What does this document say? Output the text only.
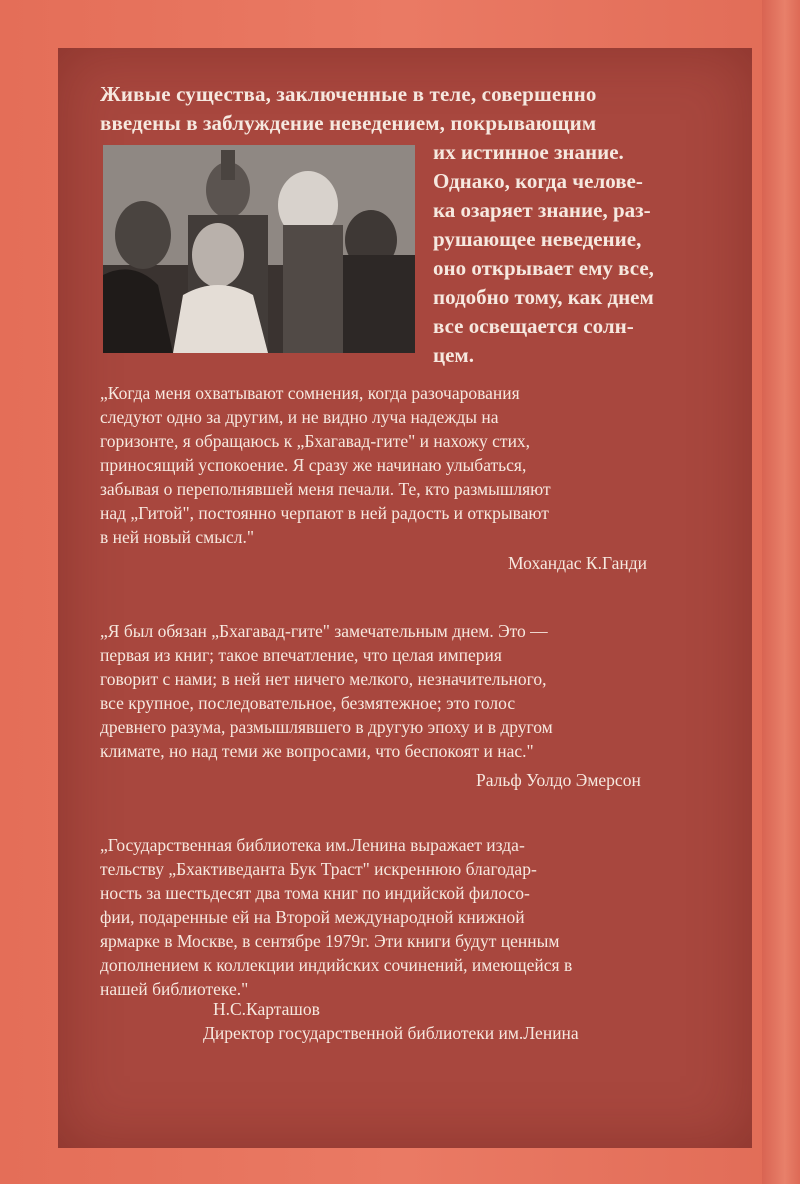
Живые существа, заключенные в теле, совершенно
введены в заблуждение неведением, покрывающим
их истинное знание.
Однако, когда челове-
ка озаряет знание, раз-
рушающее неведение,
оно открывает ему все,
подобно тому, как днем
все освещается солн-
цем.
„Когда меня охватывают сомнения, когда разочарования
следуют одно за другим, и не видно луча надежды на
горизонте, я обращаюсь к „Бхагавад-гите" и нахожу стих,
приносящий успокоение. Я сразу же начинаю улыбаться,
забывая о переполнявшей меня печали. Те, кто размышляют
над „Гитой", постоянно черпают в ней радость и открывают
в ней новый смысл."
Мохандас К.Ганди
„Я был обязан „Бхагавад-гите" замечательным днем. Это —
первая из книг; такое впечатление, что целая империя
говорит с нами; в ней нет ничего мелкого, незначительного,
все крупное, последовательное, безмятежное; это голос
древнего разума, размышлявшего в другую эпоху и в другом
климате, но над теми же вопросами, что беспокоят и нас."
Ральф Уолдо Эмерсон
„Государственная библиотека им.Ленина выражает изда-
тельству „Бхактиведанта Бук Траст" искреннюю благодар-
ность за шестьдесят два тома книг по индийской филосо-
фии, подаренные ей на Второй международной книжной
ярмарке в Москве, в сентябре 1979г. Эти книги будут ценным
дополнением к коллекции индийских сочинений, имеющейся в
нашей библиотеке."
Н.С.Карташов
Директор государственной библиотеки им.Ленина
